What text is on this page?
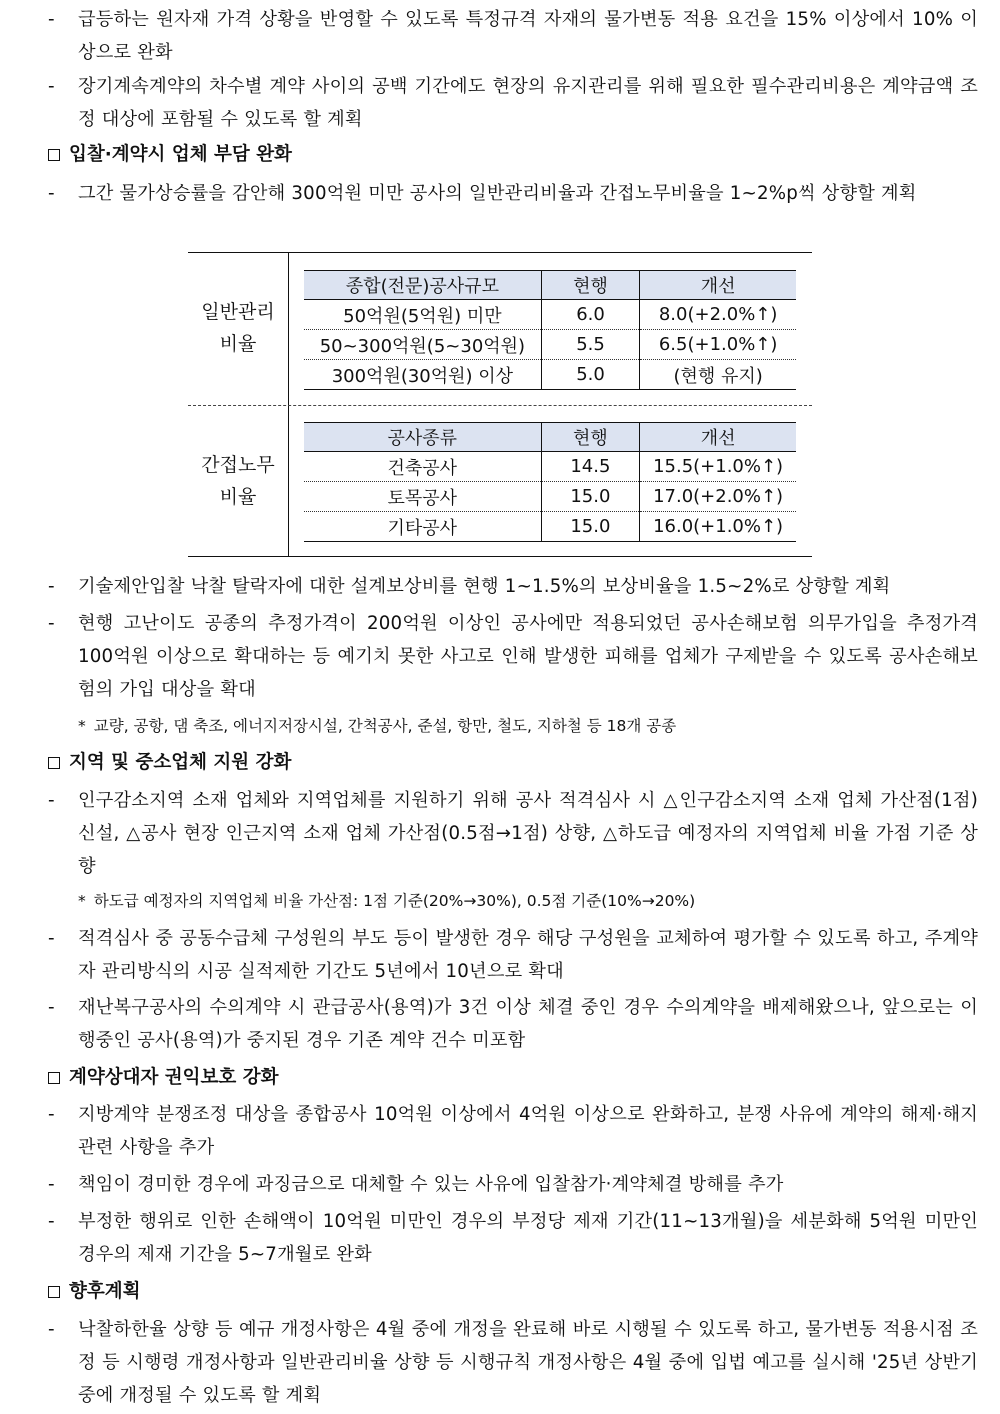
- 급등하는 원자재 가격 상황을 반영할 수 있도록 특정규격 자재의 물가변동 적용 요건을 15% 이상에서 10% 이상으로 완화
- 장기계속계약의 차수별 계약 사이의 공백 기간에도 현장의 유지관리를 위해 필요한 필수관리비용은 계약금액 조정 대상에 포함될 수 있도록 할 계획
입찰·계약시 업체 부담 완화
- 그간 물가상승률을 감안해 300억원 미만 공사의 일반관리비율과 간접노무비율을 1~2%p씩 상향할 계획
일반관리
비율
종합(전문)공사규모	현행	개선
50억원(5억원) 미만	6.0	8.0(+2.0%↑)
50~300억원(5~30억원)	5.5	6.5(+1.0%↑)
300억원(30억원) 이상	5.0	(현행 유지)
간접노무
비율
공사종류	현행	개선
건축공사	14.5	15.5(+1.0%↑)
토목공사	15.0	17.0(+2.0%↑)
기타공사	15.0	16.0(+1.0%↑)
- 기술제안입찰 낙찰 탈락자에 대한 설계보상비를 현행 1~1.5%의 보상비율을 1.5~2%로 상향할 계획
- 현행 고난이도 공종의 추정가격이 200억원 이상인 공사에만 적용되었던 공사손해보험 의무가입을 추정가격 100억원 이상으로 확대하는 등 예기치 못한 사고로 인해 발생한 피해를 업체가 구제받을 수 있도록 공사손해보험의 가입 대상을 확대
* 교량, 공항, 댐 축조, 에너지저장시설, 간척공사, 준설, 항만, 철도, 지하철 등 18개 공종
지역 및 중소업체 지원 강화
- 인구감소지역 소재 업체와 지역업체를 지원하기 위해 공사 적격심사 시 △인구감소지역 소재 업체 가산점(1점) 신설, △공사 현장 인근지역 소재 업체 가산점(0.5점→1점) 상향, △하도급 예정자의 지역업체 비율 가점 기준 상향
* 하도급 예정자의 지역업체 비율 가산점: 1점 기준(20%→30%), 0.5점 기준(10%→20%)
- 적격심사 중 공동수급체 구성원의 부도 등이 발생한 경우 해당 구성원을 교체하여 평가할 수 있도록 하고, 주계약자 관리방식의 시공 실적제한 기간도 5년에서 10년으로 확대
- 재난복구공사의 수의계약 시 관급공사(용역)가 3건 이상 체결 중인 경우 수의계약을 배제해왔으나, 앞으로는 이행중인 공사(용역)가 중지된 경우 기존 계약 건수 미포함
계약상대자 권익보호 강화
- 지방계약 분쟁조정 대상을 종합공사 10억원 이상에서 4억원 이상으로 완화하고, 분쟁 사유에 계약의 해제·해지 관련 사항을 추가
- 책임이 경미한 경우에 과징금으로 대체할 수 있는 사유에 입찰참가·계약체결 방해를 추가
- 부정한 행위로 인한 손해액이 10억원 미만인 경우의 부정당 제재 기간(11~13개월)을 세분화해 5억원 미만인 경우의 제재 기간을 5~7개월로 완화
향후계획
- 낙찰하한율 상향 등 예규 개정사항은 4월 중에 개정을 완료해 바로 시행될 수 있도록 하고, 물가변동 적용시점 조정 등 시행령 개정사항과 일반관리비율 상향 등 시행규칙 개정사항은 4월 중에 입법 예고를 실시해 '25년 상반기 중에 개정될 수 있도록 할 계획
